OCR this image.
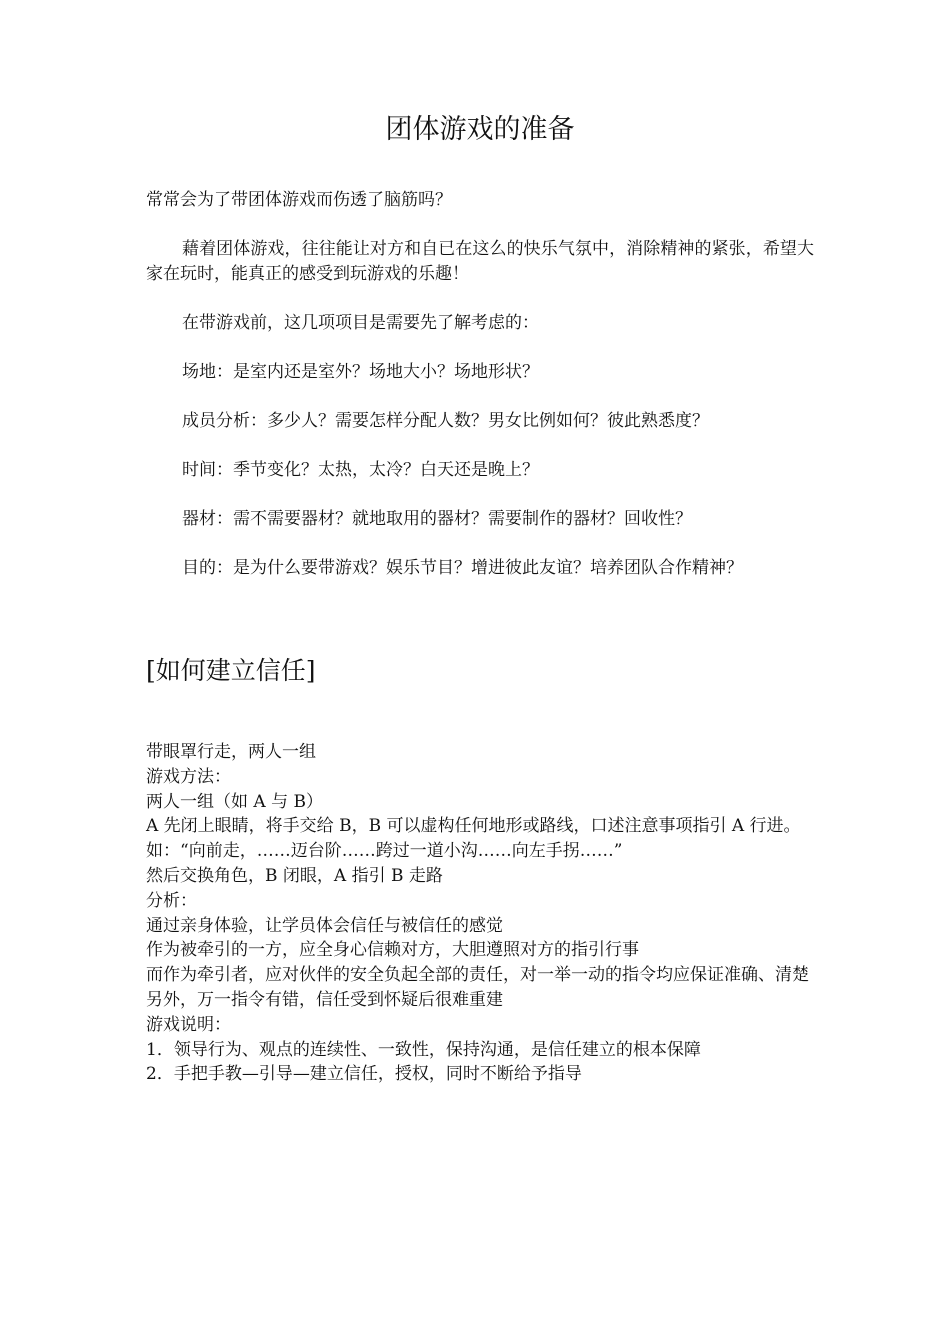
团体游戏的准备

常常会为了带团体游戏而伤透了脑筋吗？

藉着团体游戏，往往能让对方和自已在这么的快乐气氛中，消除精神的紧张，希望大家在玩时，能真正的感受到玩游戏的乐趣！

在带游戏前，这几项项目是需要先了解考虑的：

场地：是室内还是室外？场地大小？场地形状？

成员分析：多少人？需要怎样分配人数？男女比例如何？彼此熟悉度？

时间：季节变化？太热，太冷？白天还是晚上？

器材：需不需要器材？就地取用的器材？需要制作的器材？回收性？

目的：是为什么要带游戏？娱乐节目？增进彼此友谊？培养团队合作精神？

[如何建立信任]

带眼罩行走，两人一组

游戏方法：

两人一组（如 A 与 B）

A 先闭上眼睛，将手交给 B，B 可以虚构任何地形或路线，口述注意事项指引 A 行进。如：“向前走，……迈台阶……跨过一道小沟……向左手拐……”

然后交换角色，B 闭眼，A 指引 B 走路

分析：

通过亲身体验，让学员体会信任与被信任的感觉

作为被牵引的一方，应全身心信赖对方，大胆遵照对方的指引行事

而作为牵引者，应对伙伴的安全负起全部的责任，对一举一动的指令均应保证准确、清楚

另外，万一指令有错，信任受到怀疑后很难重建

游戏说明：

1．领导行为、观点的连续性、一致性，保持沟通，是信任建立的根本保障

2．手把手教—引导—建立信任，授权，同时不断给予指导
